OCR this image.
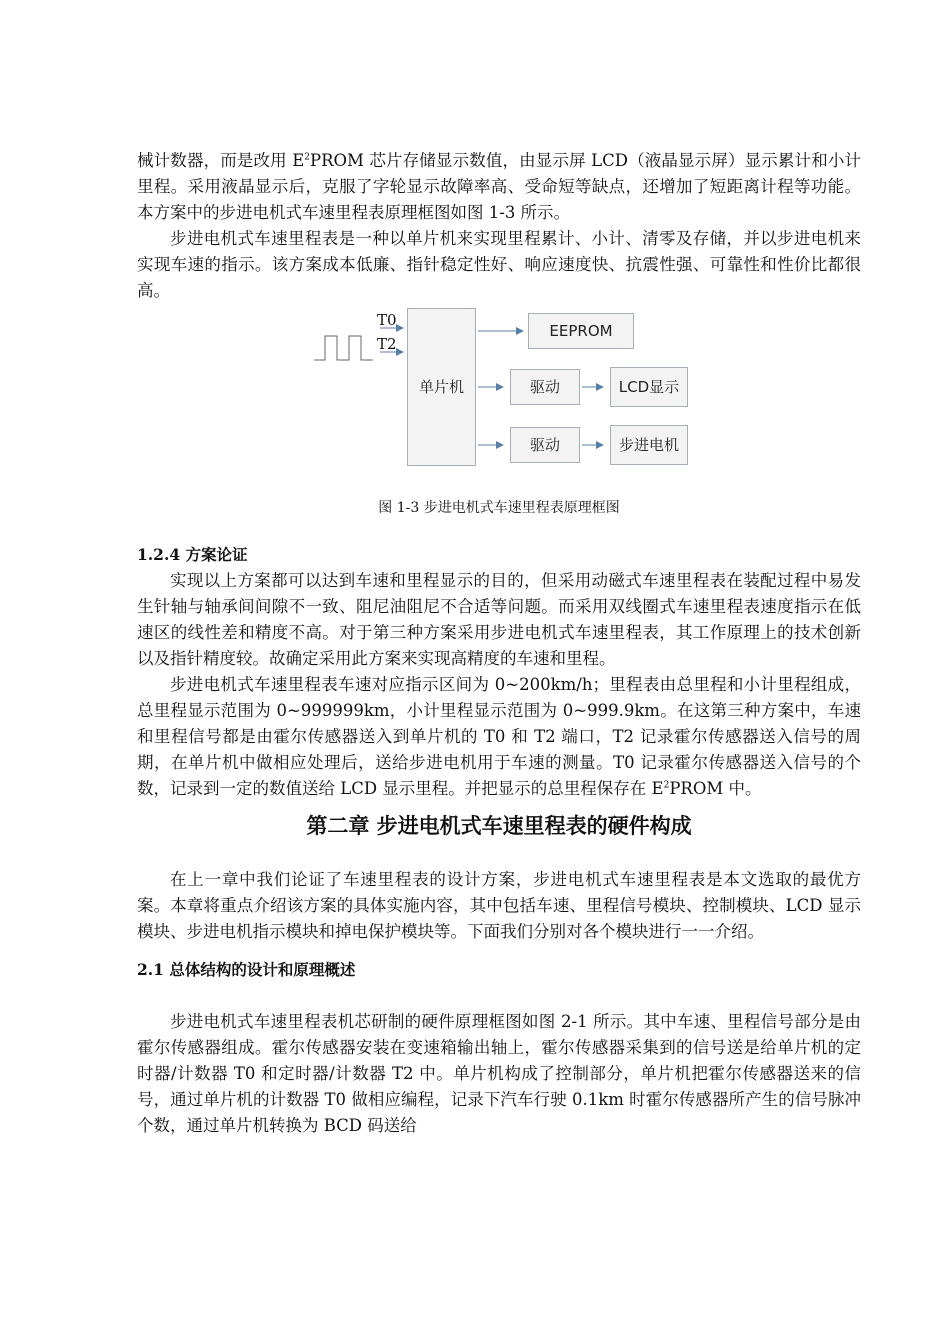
械计数器，而是改用 $E^2PROM$ 芯片存储显示数值，由显示屏 LCD（液晶显示屏）显示累计和小计里程。采用液晶显示后，克服了字轮显示故障率高、受命短等缺点，还增加了短距离计程等功能。本方案中的步进电机式车速里程表原理框图如图 1-3 所示。

步进电机式车速里程表是一种以单片机来实现里程累计、小计、清零及存储，并以步进电机来实现车速的指示。该方案成本低廉、指针稳定性好、响应速度快、抗震性强、可靠性和性价比都很高。

T0
T2
单片机
EEPROM
驱动	LCD显示
驱动	步进电机

图 1-3 步进电机式车速里程表原理框图

1.2.4 方案论证

实现以上方案都可以达到车速和里程显示的目的，但采用动磁式车速里程表在装配过程中易发生针轴与轴承间间隙不一致、阻尼油阻尼不合适等问题。而采用双线圈式车速里程表速度指示在低速区的线性差和精度不高。对于第三种方案采用步进电机式车速里程表，其工作原理上的技术创新以及指针精度较。故确定采用此方案来实现高精度的车速和里程。

步进电机式车速里程表车速对应指示区间为 0~200km/h；里程表由总里程和小计里程组成，总里程显示范围为 0~999999km，小计里程显示范围为 0~999.9km。在这第三种方案中，车速和里程信号都是由霍尔传感器送入到单片机的 T0 和 T2 端口，T2 记录霍尔传感器送入信号的周期，在单片机中做相应处理后，送给步进电机用于车速的测量。T0 记录霍尔传感器送入信号的个数，记录到一定的数值送给 LCD 显示里程。并把显示的总里程保存在 $E^2PROM$ 中。

第二章 步进电机式车速里程表的硬件构成

在上一章中我们论证了车速里程表的设计方案，步进电机式车速里程表是本文选取的最优方案。本章将重点介绍该方案的具体实施内容，其中包括车速、里程信号模块、控制模块、LCD 显示模块、步进电机指示模块和掉电保护模块等。下面我们分别对各个模块进行一一介绍。

2.1 总体结构的设计和原理概述

步进电机式车速里程表机芯研制的硬件原理框图如图 2-1 所示。其中车速、里程信号部分是由霍尔传感器组成。霍尔传感器安装在变速箱输出轴上，霍尔传感器采集到的信号送是给单片机的定时器/计数器 T0 和定时器/计数器 T2 中。单片机构成了控制部分，单片机把霍尔传感器送来的信号，通过单片机的计数器 T0 做相应编程，记录下汽车行驶 0.1km 时霍尔传感器所产生的信号脉冲个数，通过单片机转换为 BCD 码送给
